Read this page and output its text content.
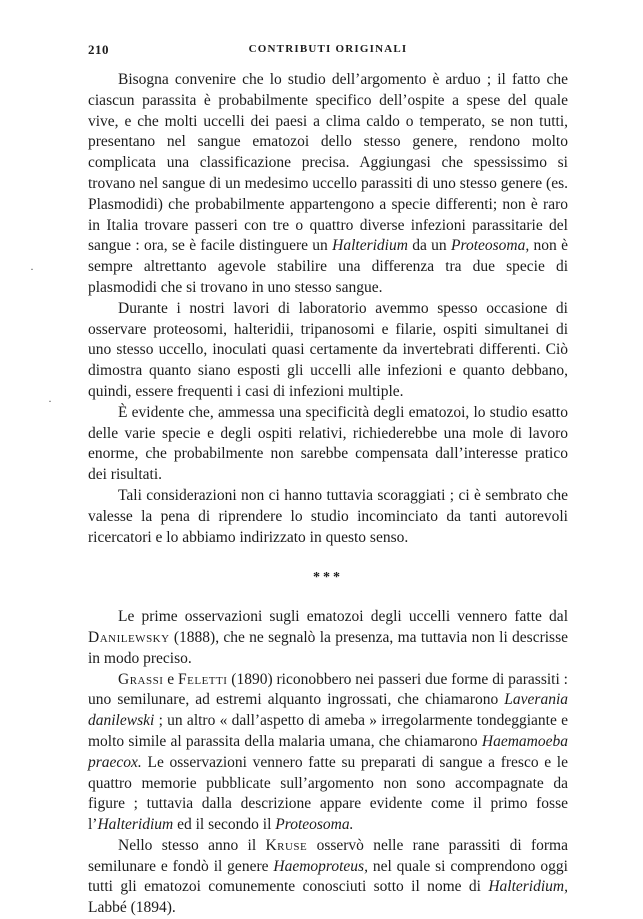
210	CONTRIBUTI ORIGINALI
·
·

Bisogna convenire che lo studio dell’argomento è arduo ; il fatto che ciascun parassita è probabilmente specifico dell’ospite a spese del quale vive, e che molti uccelli dei paesi a clima caldo o temperato, se non tutti, presentano nel sangue ematozoi dello stesso genere, rendono molto complicata una classificazione precisa. Aggiungasi che spessissimo si trovano nel sangue di un medesimo uccello parassiti di uno stesso genere (es. Plasmodidi) che probabilmente appartengono a specie differenti; non è raro in Italia trovare passeri con tre o quattro diverse infezioni parassitarie del sangue : ora, se è facile distinguere un Halteridium da un Proteosoma, non è sempre altrettanto agevole stabilire una differenza tra due specie di plasmodidi che si trovano in uno stesso sangue.

Durante i nostri lavori di laboratorio avemmo spesso occasione di osservare proteosomi, halteridii, tripanosomi e filarie, ospiti simultanei di uno stesso uccello, inoculati quasi certamente da invertebrati differenti. Ciò dimostra quanto siano esposti gli uccelli alle infezioni e quanto debbano, quindi, essere frequenti i casi di infezioni multiple.

È evidente che, ammessa una specificità degli ematozoi, lo studio esatto delle varie specie e degli ospiti relativi, richiederebbe una mole di lavoro enorme, che probabilmente non sarebbe compensata dall’interesse pratico dei risultati.

Tali considerazioni non ci hanno tuttavia scoraggiati ; ci è sembrato che valesse la pena di riprendere lo studio incominciato da tanti autorevoli ricercatori e lo abbiamo indirizzato in questo senso.

***

Le prime osservazioni sugli ematozoi degli uccelli vennero fatte dal Danilewsky (1888), che ne segnalò la presenza, ma tuttavia non li descrisse in modo preciso.

Grassi e Feletti (1890) riconobbero nei passeri due forme di parassiti : uno semilunare, ad estremi alquanto ingrossati, che chiamarono Laverania danilewski ; un altro « dall’aspetto di ameba » irregolarmente tondeggiante e molto simile al parassita della malaria umana, che chiamarono Haemamoeba praecox. Le osservazioni vennero fatte su preparati di sangue a fresco e le quattro memorie pubblicate sull’argomento non sono accompagnate da figure ; tuttavia dalla descrizione appare evidente come il primo fosse l’Halteridium ed il secondo il Proteosoma.

Nello stesso anno il Kruse osservò nelle rane parassiti di forma semilunare e fondò il genere Haemoproteus, nel quale si comprendono oggi tutti gli ematozoi comunemente conosciuti sotto il nome di Halteridium, Labbé (1894).
